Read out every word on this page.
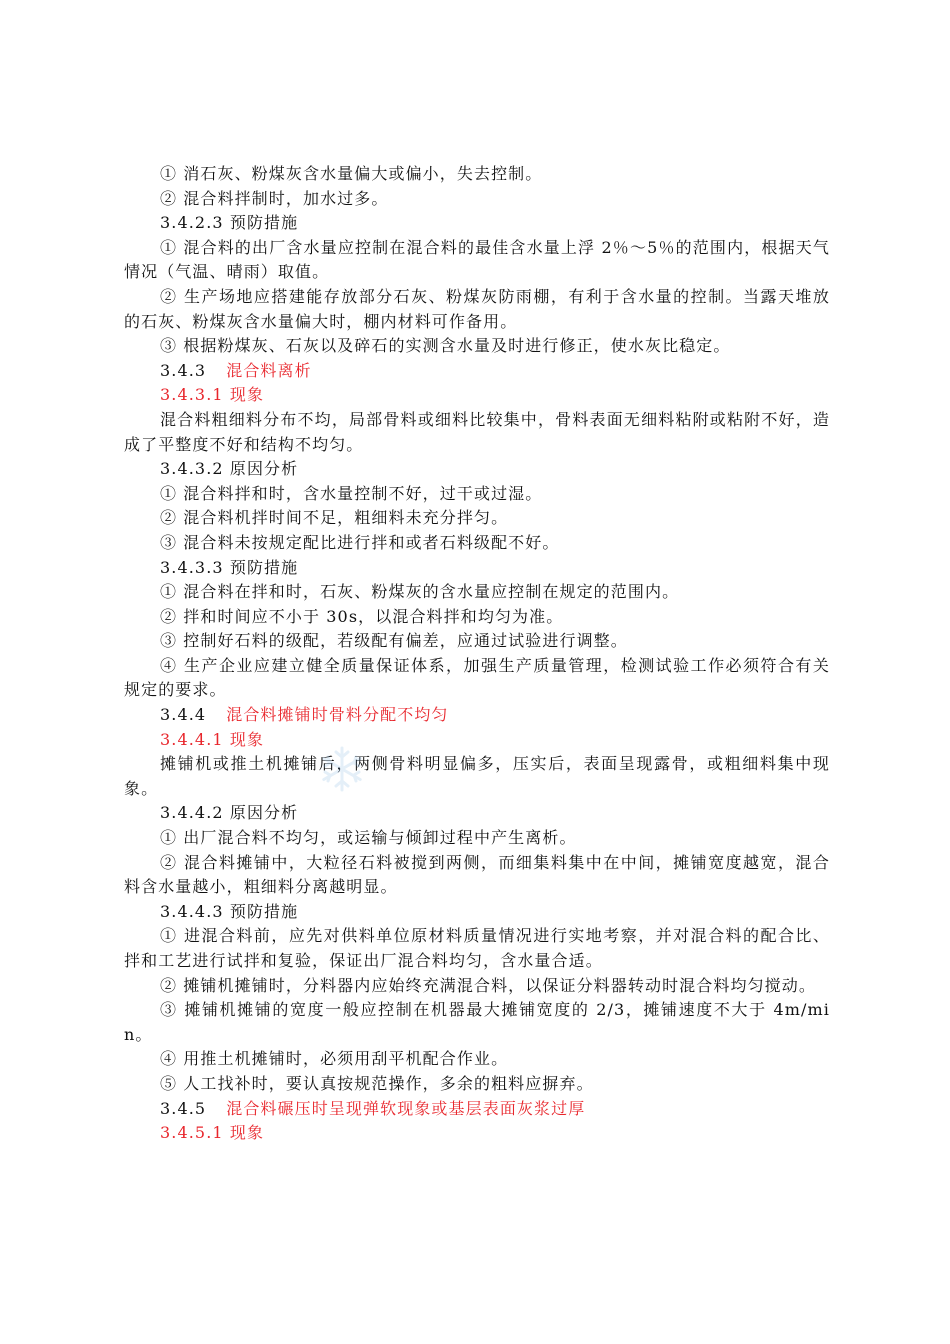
① 消石灰、粉煤灰含水量偏大或偏小，失去控制。

② 混合料拌制时，加水过多。

3.4.2.3 预防措施

① 混合料的出厂含水量应控制在混合料的最佳含水量上浮 2％～5％的范围内，根据天气情况（气温、晴雨）取值。

② 生产场地应搭建能存放部分石灰、粉煤灰防雨棚，有利于含水量的控制。当露天堆放的石灰、粉煤灰含水量偏大时，棚内材料可作备用。

③ 根据粉煤灰、石灰以及碎石的实测含水量及时进行修正，使水灰比稳定。

3.4.3 混合料离析

3.4.3.1 现象

混合料粗细料分布不均，局部骨料或细料比较集中，骨料表面无细料粘附或粘附不好，造成了平整度不好和结构不均匀。

3.4.3.2 原因分析

① 混合料拌和时，含水量控制不好，过干或过湿。

② 混合料机拌时间不足，粗细料未充分拌匀。

③ 混合料未按规定配比进行拌和或者石料级配不好。

3.4.3.3 预防措施

① 混合料在拌和时，石灰、粉煤灰的含水量应控制在规定的范围内。

② 拌和时间应不小于 30s，以混合料拌和均匀为准。

③ 控制好石料的级配，若级配有偏差，应通过试验进行调整。

④ 生产企业应建立健全质量保证体系，加强生产质量管理，检测试验工作必须符合有关规定的要求。

3.4.4 混合料摊铺时骨料分配不均匀

3.4.4.1 现象

摊铺机或推土机摊铺后，两侧骨料明显偏多，压实后，表面呈现露骨，或粗细料集中现象。

3.4.4.2 原因分析

① 出厂混合料不均匀，或运输与倾卸过程中产生离析。

② 混合料摊铺中，大粒径石料被搅到两侧，而细集料集中在中间，摊铺宽度越宽，混合料含水量越小，粗细料分离越明显。

3.4.4.3 预防措施

① 进混合料前，应先对供料单位原材料质量情况进行实地考察，并对混合料的配合比、拌和工艺进行试拌和复验，保证出厂混合料均匀，含水量合适。

② 摊铺机摊铺时，分料器内应始终充满混合料，以保证分料器转动时混合料均匀搅动。

③ 摊铺机摊铺的宽度一般应控制在机器最大摊铺宽度的 2/3，摊铺速度不大于 4m/min。

④ 用推土机摊铺时，必须用刮平机配合作业。

⑤ 人工找补时，要认真按规范操作，多余的粗料应摒弃。

3.4.5 混合料碾压时呈现弹软现象或基层表面灰浆过厚

3.4.5.1 现象
